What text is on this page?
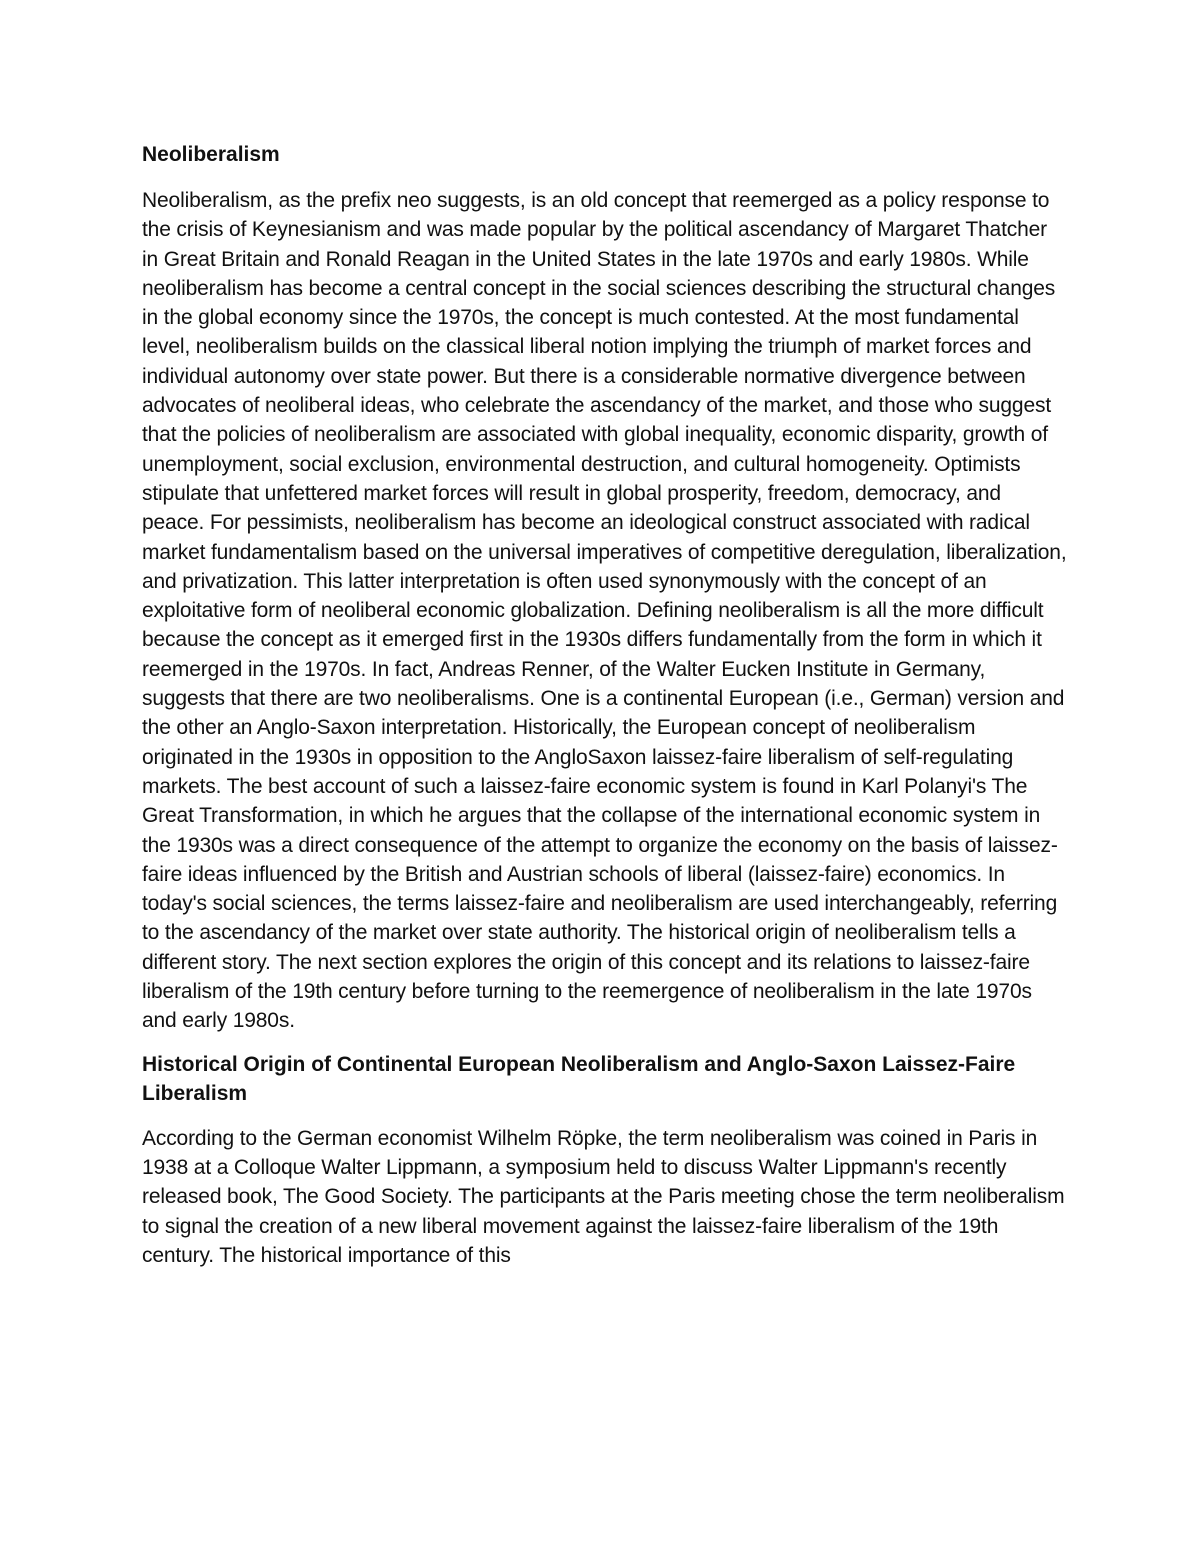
Neoliberalism

Neoliberalism, as the prefix neo suggests, is an old concept that reemerged as a policy response to the crisis of Keynesianism and was made popular by the political ascendancy of Margaret Thatcher in Great Britain and Ronald Reagan in the United States in the late 1970s and early 1980s. While neoliberalism has become a central concept in the social sciences describing the structural changes in the global economy since the 1970s, the concept is much contested. At the most fundamental level, neoliberalism builds on the classical liberal notion implying the triumph of market forces and individual autonomy over state power. But there is a considerable normative divergence between advocates of neoliberal ideas, who celebrate the ascendancy of the market, and those who suggest that the policies of neoliberalism are associated with global inequality, economic disparity, growth of unemployment, social exclusion, environmental destruction, and cultural homogeneity. Optimists stipulate that unfettered market forces will result in global prosperity, freedom, democracy, and peace. For pessimists, neoliberalism has become an ideological construct associated with radical market fundamentalism based on the universal imperatives of competitive deregulation, liberalization, and privatization. This latter interpretation is often used synonymously with the concept of an exploitative form of neoliberal economic globalization. Defining neoliberalism is all the more difficult because the concept as it emerged first in the 1930s differs fundamentally from the form in which it reemerged in the 1970s. In fact, Andreas Renner, of the Walter Eucken Institute in Germany, suggests that there are two neoliberalisms. One is a continental European (i.e., German) version and the other an Anglo-Saxon interpretation. Historically, the European concept of neoliberalism originated in the 1930s in opposition to the AngloSaxon laissez-faire liberalism of self-regulating markets. The best account of such a laissez-faire economic system is found in Karl Polanyi's The Great Transformation, in which he argues that the collapse of the international economic system in the 1930s was a direct consequence of the attempt to organize the economy on the basis of laissez-faire ideas influenced by the British and Austrian schools of liberal (laissez-faire) economics. In today's social sciences, the terms laissez-faire and neoliberalism are used interchangeably, referring to the ascendancy of the market over state authority. The historical origin of neoliberalism tells a different story. The next section explores the origin of this concept and its relations to laissez-faire liberalism of the 19th century before turning to the reemergence of neoliberalism in the late 1970s and early 1980s.

Historical Origin of Continental European Neoliberalism and Anglo-Saxon Laissez-Faire Liberalism

According to the German economist Wilhelm Röpke, the term neoliberalism was coined in Paris in 1938 at a Colloque Walter Lippmann, a symposium held to discuss Walter Lippmann's recently released book, The Good Society. The participants at the Paris meeting chose the term neoliberalism to signal the creation of a new liberal movement against the laissez-faire liberalism of the 19th century. The historical importance of this
